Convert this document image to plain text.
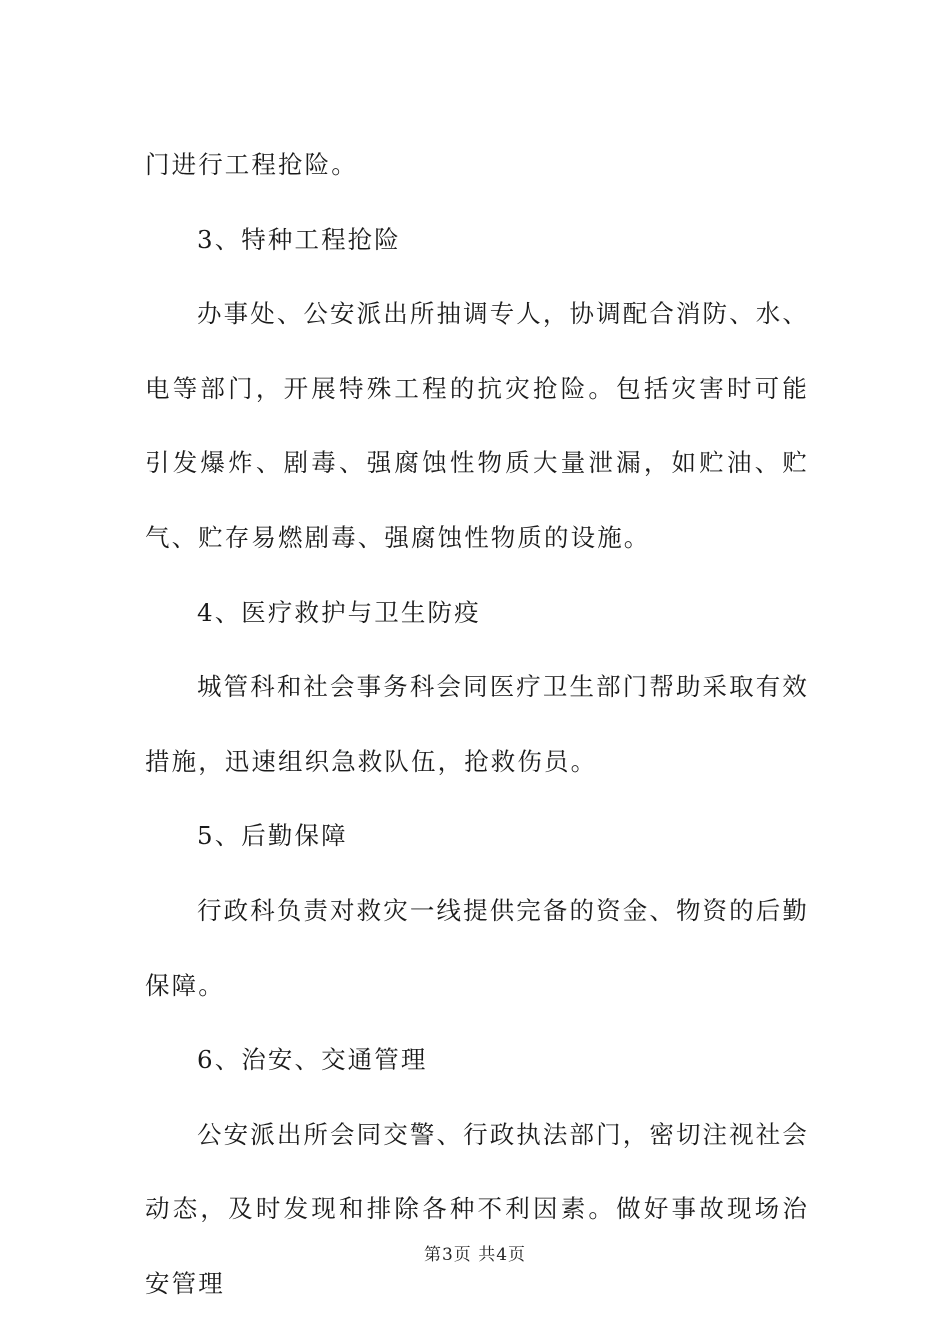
门进行工程抢险。

3、特种工程抢险

办事处、公安派出所抽调专人，协调配合消防、水、电等部门，开展特殊工程的抗灾抢险。包括灾害时可能引发爆炸、剧毒、强腐蚀性物质大量泄漏，如贮油、贮气、贮存易燃剧毒、强腐蚀性物质的设施。

4、医疗救护与卫生防疫

城管科和社会事务科会同医疗卫生部门帮助采取有效措施，迅速组织急救队伍，抢救伤员。

5、后勤保障

行政科负责对救灾一线提供完备的资金、物资的后勤保障。

6、治安、交通管理

公安派出所会同交警、行政执法部门，密切注视社会动态，及时发现和排除各种不利因素。做好事故现场治安管理

第3页 共4页
